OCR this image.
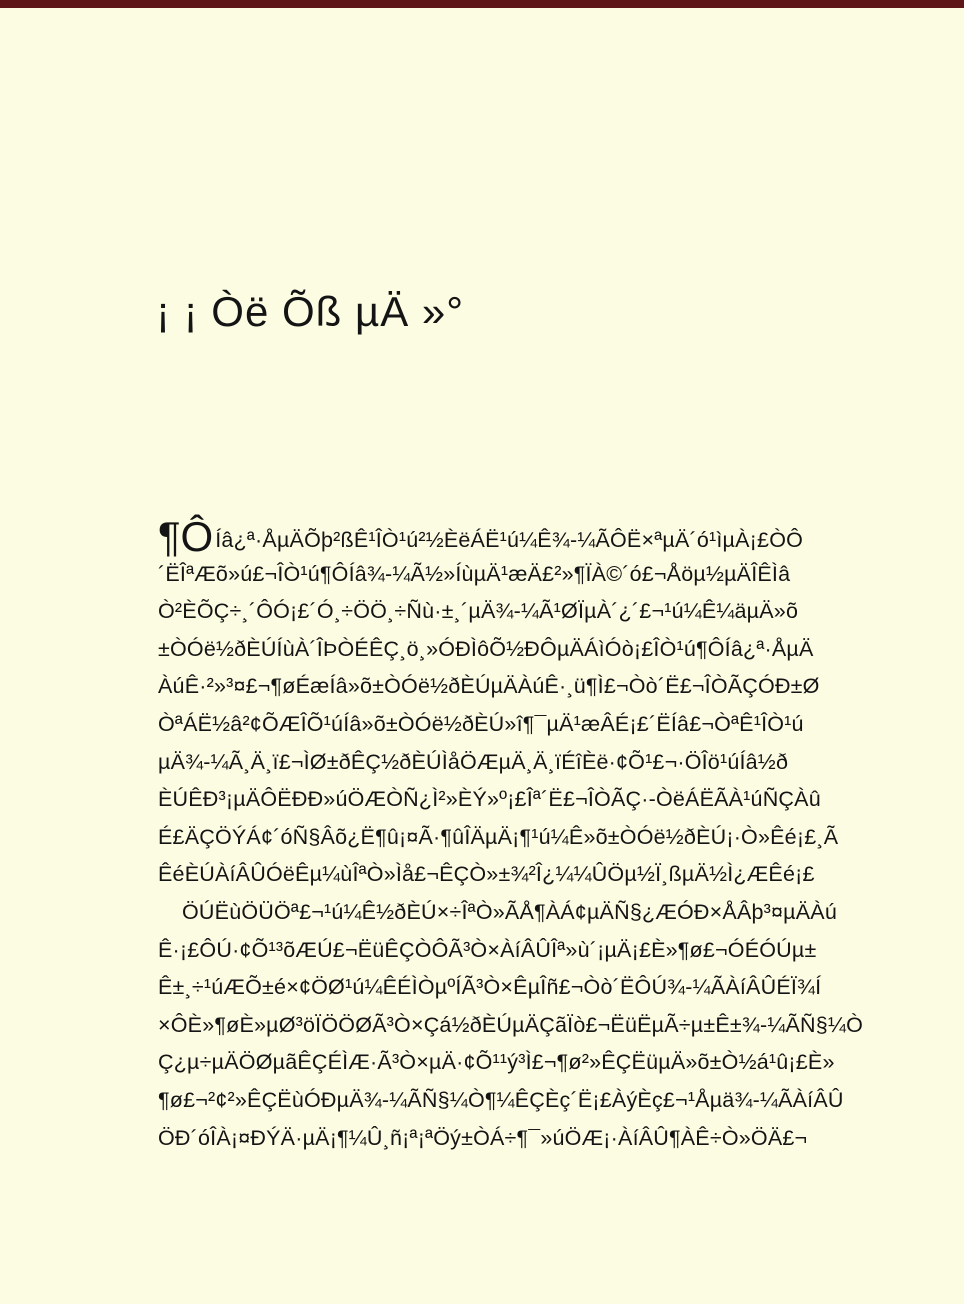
¡ ¡ Òë Õß µÄ »°
¶ÔÍâ¿ª·ÅµÄÕþ²ßÊ¹ÎÒ¹ú²½ÈëÁË¹ú¼Ê¾-¼ÃÔË×ªµÄ´ó¹ìµÀ¡£ÒÔ
´ËÎªÆõ»ú£¬ÎÒ¹ú¶ÔÍâ¾-¼Ã½»ÍùµÄ¹æÄ£²»¶ÏÀ©´ó£¬Åöµ½µÄÎÊÌâ
Ò²ÈÕÇ÷¸´ÔÓ¡£´Ó¸÷ÖÖ¸÷Ñù·±¸´µÄ¾-¼Ã¹ØÏµÀ´¿´£¬¹ú¼Ê¼äµÄ»õ
±ÒÓë½ðÈÚÍùÀ´ÎÞÒÉÊÇ¸ö¸»ÓÐÌôÕ½ÐÔµÄÁìÓò¡£ÎÒ¹ú¶ÔÍâ¿ª·ÅµÄ
ÀúÊ·²»³¤£¬¶øÉæÍâ»õ±ÒÓë½ðÈÚµÄÀúÊ·¸ü¶Ì£¬Òò´Ë£¬ÎÒÃÇÓÐ±Ø
ÒªÁË½â²¢ÕÆÎÕ¹úÍâ»õ±ÒÓë½ðÈÚ»î¶¯µÄ¹æÂÉ¡£´ËÍâ£¬ÒªÊ¹ÎÒ¹ú
µÄ¾-¼Ã¸Ä¸ï£¬ÌØ±ðÊÇ½ðÈÚÌåÖÆµÄ¸Ä¸ïÉîÈë·¢Õ¹£¬·ÖÎö¹úÍâ½ð
ÈÚÊÐ³¡µÄÔËÐÐ»úÖÆÒÑ¿Ì²»ÈÝ»º¡£Îª´Ë£¬ÎÒÃÇ·-ÒëÁËÃÀ¹úÑÇÀû
É£ÄÇÖÝÁ¢´óÑ§Âõ¿Ë¶û¡¤Ã·¶ûÎÄµÄ¡¶¹ú¼Ê»õ±ÒÓë½ðÈÚ¡·Ò»Êé¡£¸Ã
ÊéÈÚÀíÂÛÓëÊµ¼ùÎªÒ»Ìå£¬ÊÇÒ»±¾²Î¿¼¼ÛÖµ½Ï¸ßµÄ½Ì¿ÆÊé¡£
ÖÚËùÖÜÖª£¬¹ú¼Ê½ðÈÚ×÷ÎªÒ»ÃÅ¶ÀÁ¢µÄÑ§¿ÆÓÐ×ÅÂþ³¤µÄÀú
Ê·¡£ÔÚ·¢Õ¹³õÆÚ£¬ËüÊÇÒÔÃ³Ò×ÀíÂÛÎª»ù´¡µÄ¡£È»¶ø£¬ÓÉÓÚµ±
Ê±¸÷¹úÆÕ±é×¢ÖØ¹ú¼ÊÉÌÒµºÍÃ³Ò×ÊµÎñ£¬Òò´ËÔÚ¾-¼ÃÀíÂÛÉÏ¾Í
×ÔÈ»¶øÈ»µØ³öÏÖÖØÃ³Ò×Çá½ðÈÚµÄÇãÏò£¬ËüËµÃ÷µ±Ê±¾-¼ÃÑ§¼Ò
Ç¿µ÷µÄÖØµãÊÇÉÌÆ·Ã³Ò×µÄ·¢Õ¹¹ý³Ì£¬¶ø²»ÊÇËüµÄ»õ±Ò½á¹û¡£È»
¶ø£¬²¢²»ÊÇËùÓÐµÄ¾-¼ÃÑ§¼Ò¶¼ÊÇÈç´Ë¡£ÀýÈç£¬¹Åµä¾-¼ÃÀíÂÛ
ÖÐ´óÎÀ¡¤ÐÝÄ·µÄ¡¶¼Û¸ñ¡ª¡ªÖý±ÒÁ÷¶¯»úÖÆ¡·ÀíÂÛ¶ÀÊ÷Ò»ÖÄ£¬
